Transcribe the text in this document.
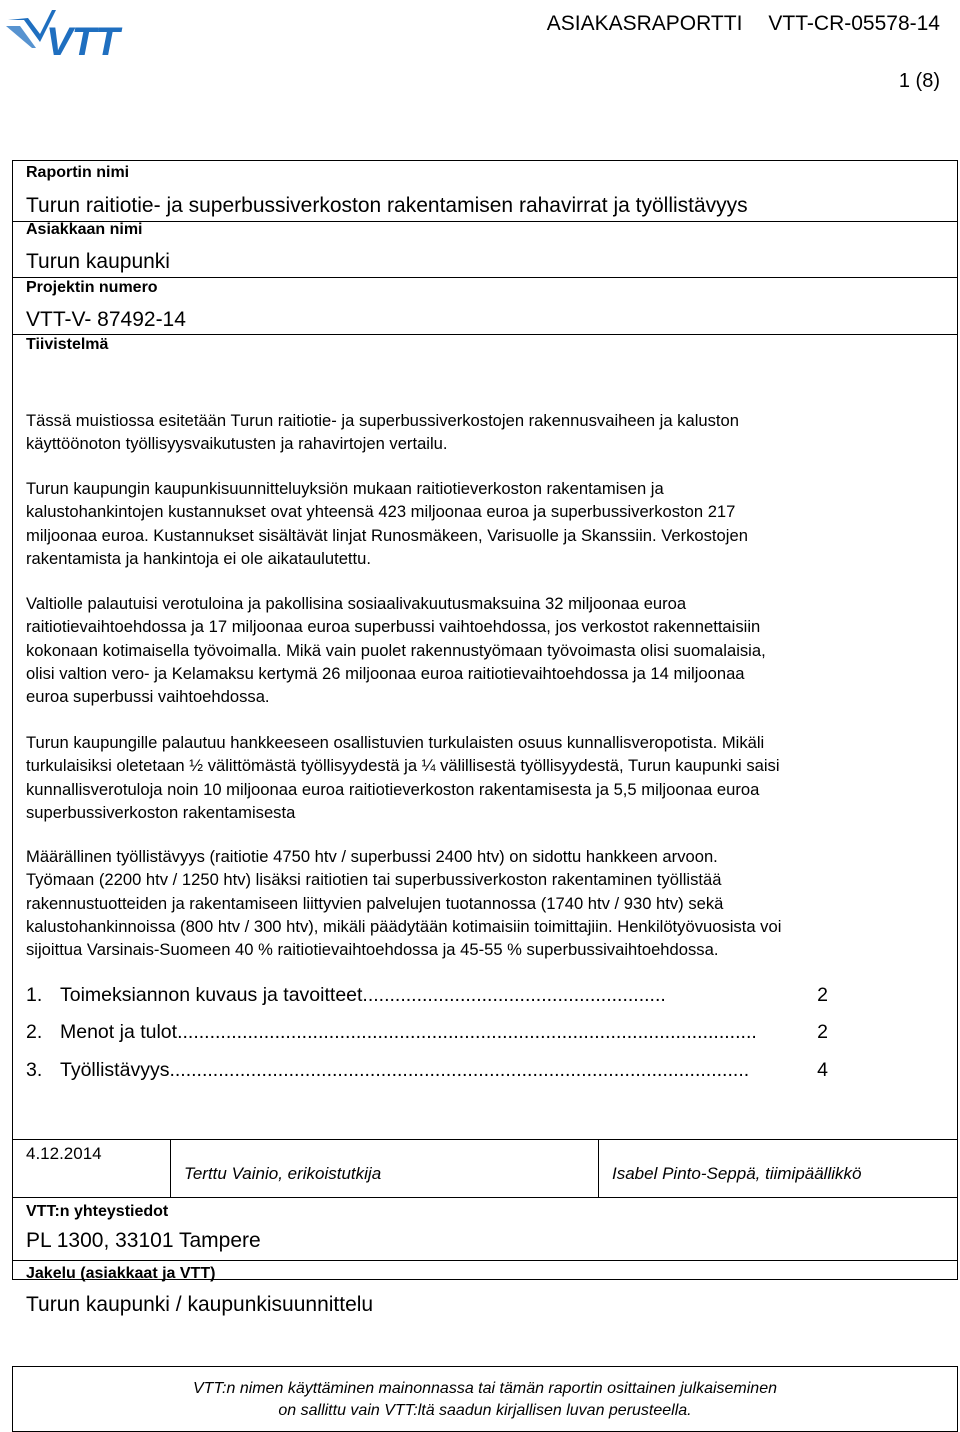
VTT	ASIAKASRAPORTTI VTT-CR-05578-14
1 (8)
Raportin nimi
Turun raitiotie- ja superbussiverkoston rakentamisen rahavirrat ja työllistävyys
Asiakkaan nimi
Turun kaupunki
Projektin numero
VTT-V- 87492-14
Tiivistelmä
Tässä muistiossa esitetään Turun raitiotie- ja superbussiverkostojen rakennusvaiheen ja kaluston
käyttöönoton työllisyysvaikutusten ja rahavirtojen vertailu.
Turun kaupungin kaupunkisuunnitteluyksiön mukaan raitiotieverkoston rakentamisen ja
kalustohankintojen kustannukset ovat yhteensä 423 miljoonaa euroa ja superbussiverkoston 217
miljoonaa euroa. Kustannukset sisältävät linjat Runosmäkeen, Varisuolle ja Skanssiin. Verkostojen
rakentamista ja hankintoja ei ole aikataulutettu.
Valtiolle palautuisi verotuloina ja pakollisina sosiaalivakuutusmaksuina 32 miljoonaa euroa
raitiotievaihtoehdossa ja 17 miljoonaa euroa superbussi vaihtoehdossa, jos verkostot rakennettaisiin
kokonaan kotimaisella työvoimalla. Mikä vain puolet rakennustyömaan työvoimasta olisi suomalaisia,
olisi valtion vero- ja Kelamaksu kertymä 26 miljoonaa euroa raitiotievaihtoehdossa ja 14 miljoonaa
euroa superbussi vaihtoehdossa.
Turun kaupungille palautuu hankkeeseen osallistuvien turkulaisten osuus kunnallisveropotista. Mikäli
turkulaisiksi oletetaan ½ välittömästä työllisyydestä ja ¼ välillisestä työllisyydestä, Turun kaupunki saisi
kunnallisverotuloja noin 10 miljoonaa euroa raitiotieverkoston rakentamisesta ja 5,5 miljoonaa euroa
superbussiverkoston rakentamisesta
Määrällinen työllistävyys (raitiotie 4750 htv / superbussi 2400 htv) on sidottu hankkeen arvoon.
Työmaan (2200 htv / 1250 htv) lisäksi raitiotien tai superbussiverkoston rakentaminen työllistää
rakennustuotteiden ja rakentamiseen liittyvien palvelujen tuotannossa (1740 htv / 930 htv) sekä
kalustohankinnoissa (800 htv / 300 htv), mikäli päädytään kotimaisiin toimittajiin. Henkilötyövuosista voi
sijoittua Varsinais-Suomeen 40 % raitiotievaihtoehdossa ja 45-55 % superbussivaihtoehdossa.
1. Toimeksiannon kuvaus ja tavoitteet ........................................................	2
2. Menot ja tulot ...........................................................................................................	2
3. Työllistävyys ...........................................................................................................	4
4.12.2014
Terttu Vainio, erikoistutkija	Isabel Pinto-Seppä, tiimipäällikkö
VTT:n yhteystiedot
PL 1300, 33101 Tampere
Jakelu (asiakkaat ja VTT)
Turun kaupunki / kaupunkisuunnittelu
VTT:n nimen käyttäminen mainonnassa tai tämän raportin osittainen julkaiseminen
on sallittu vain VTT:ltä saadun kirjallisen luvan perusteella.
